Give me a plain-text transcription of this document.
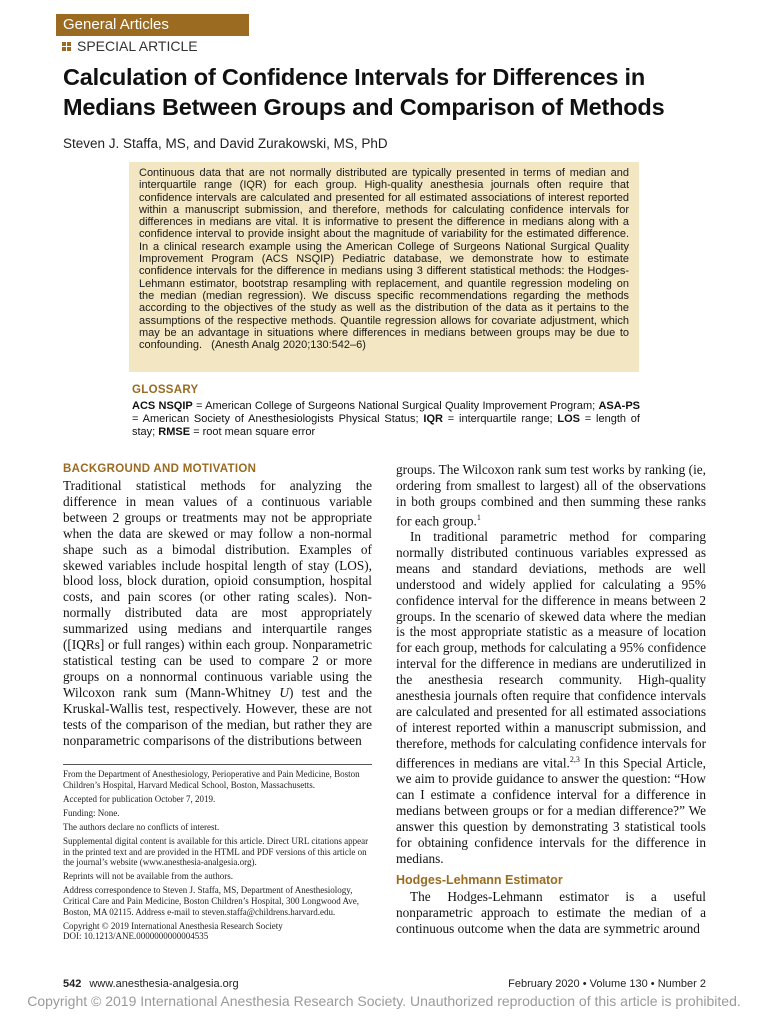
General Articles
SPECIAL ARTICLE
Calculation of Confidence Intervals for Differences in Medians Between Groups and Comparison of Methods
Steven J. Staffa, MS, and David Zurakowski, MS, PhD
Continuous data that are not normally distributed are typically presented in terms of median and interquartile range (IQR) for each group. High-quality anesthesia journals often require that confidence intervals are calculated and presented for all estimated associations of interest reported within a manuscript submission, and therefore, methods for calculating confidence intervals for differences in medians are vital. It is informative to present the difference in medians along with a confidence interval to provide insight about the magnitude of variability for the estimated difference. In a clinical research example using the American College of Surgeons National Surgical Quality Improvement Program (ACS NSQIP) Pediatric database, we demonstrate how to estimate confidence intervals for the difference in medians using 3 different statistical methods: the Hodges-Lehmann estimator, bootstrap resampling with replacement, and quantile regression modeling on the median (median regression). We discuss specific recommendations regarding the methods according to the objectives of the study as well as the distribution of the data as it pertains to the assumptions of the respective methods. Quantile regression allows for covariate adjustment, which may be an advantage in situations where differences in medians between groups may be due to confounding. (Anesth Analg 2020;130:542–6)
GLOSSARY
ACS NSQIP = American College of Surgeons National Surgical Quality Improvement Program; ASA-PS = American Society of Anesthesiologists Physical Status; IQR = interquartile range; LOS = length of stay; RMSE = root mean square error
BACKGROUND AND MOTIVATION

Traditional statistical methods for analyzing the difference in mean values of a continuous variable between 2 groups or treatments may not be appropriate when the data are skewed or may follow a non-normal shape such as a bimodal distribution. Examples of skewed variables include hospital length of stay (LOS), blood loss, block duration, opioid consumption, hospital costs, and pain scores (or other rating scales). Non-normally distributed data are most appropriately summarized using medians and interquartile ranges ([IQRs] or full ranges) within each group. Nonparametric statistical testing can be used to compare 2 or more groups on a nonnormal continuous variable using the Wilcoxon rank sum (Mann-Whitney U) test and the Kruskal-Wallis test, respectively. However, these are not tests of the comparison of the median, but rather they are nonparametric comparisons of the distributions between

From the Department of Anesthesiology, Perioperative and Pain Medicine, Boston Children’s Hospital, Harvard Medical School, Boston, Massachusetts.

Accepted for publication October 7, 2019.

Funding: None.

The authors declare no conflicts of interest.

Supplemental digital content is available for this article. Direct URL citations appear in the printed text and are provided in the HTML and PDF versions of this article on the journal’s website (www.anesthesia-analgesia.org).

Reprints will not be available from the authors.

Address correspondence to Steven J. Staffa, MS, Department of Anesthesiology, Critical Care and Pain Medicine, Boston Children’s Hospital, 300 Longwood Ave, Boston, MA 02115. Address e-mail to steven.staffa@childrens.harvard.edu.

Copyright © 2019 International Anesthesia Research Society

DOI: 10.1213/ANE.0000000000004535

groups. The Wilcoxon rank sum test works by ranking (ie, ordering from smallest to largest) all of the observations in both groups combined and then summing these ranks for each group.$^1$

In traditional parametric method for comparing normally distributed continuous variables expressed as means and standard deviations, methods are well understood and widely applied for calculating a 95% confidence interval for the difference in means between 2 groups. In the scenario of skewed data where the median is the most appropriate statistic as a measure of location for each group, methods for calculating a 95% confidence interval for the difference in medians are underutilized in the anesthesia research community. High-quality anesthesia journals often require that confidence intervals are calculated and presented for all estimated associations of interest reported within a manuscript submission, and therefore, methods for calculating confidence intervals for differences in medians are vital.$^{2,3}$ In this Special Article, we aim to provide guidance to answer the question: “How can I estimate a confidence interval for a difference in medians between groups or for a median difference?” We answer this question by demonstrating 3 statistical tools for obtaining confidence intervals for the difference in medians.

Hodges-Lehmann Estimator

The Hodges-Lehmann estimator is a useful nonparametric approach to estimate the median of a continuous outcome when the data are symmetric around

542 www.anesthesia-analgesia.org	February 2020 • Volume 130 • Number 2
Copyright © 2019 International Anesthesia Research Society. Unauthorized reproduction of this article is prohibited.
